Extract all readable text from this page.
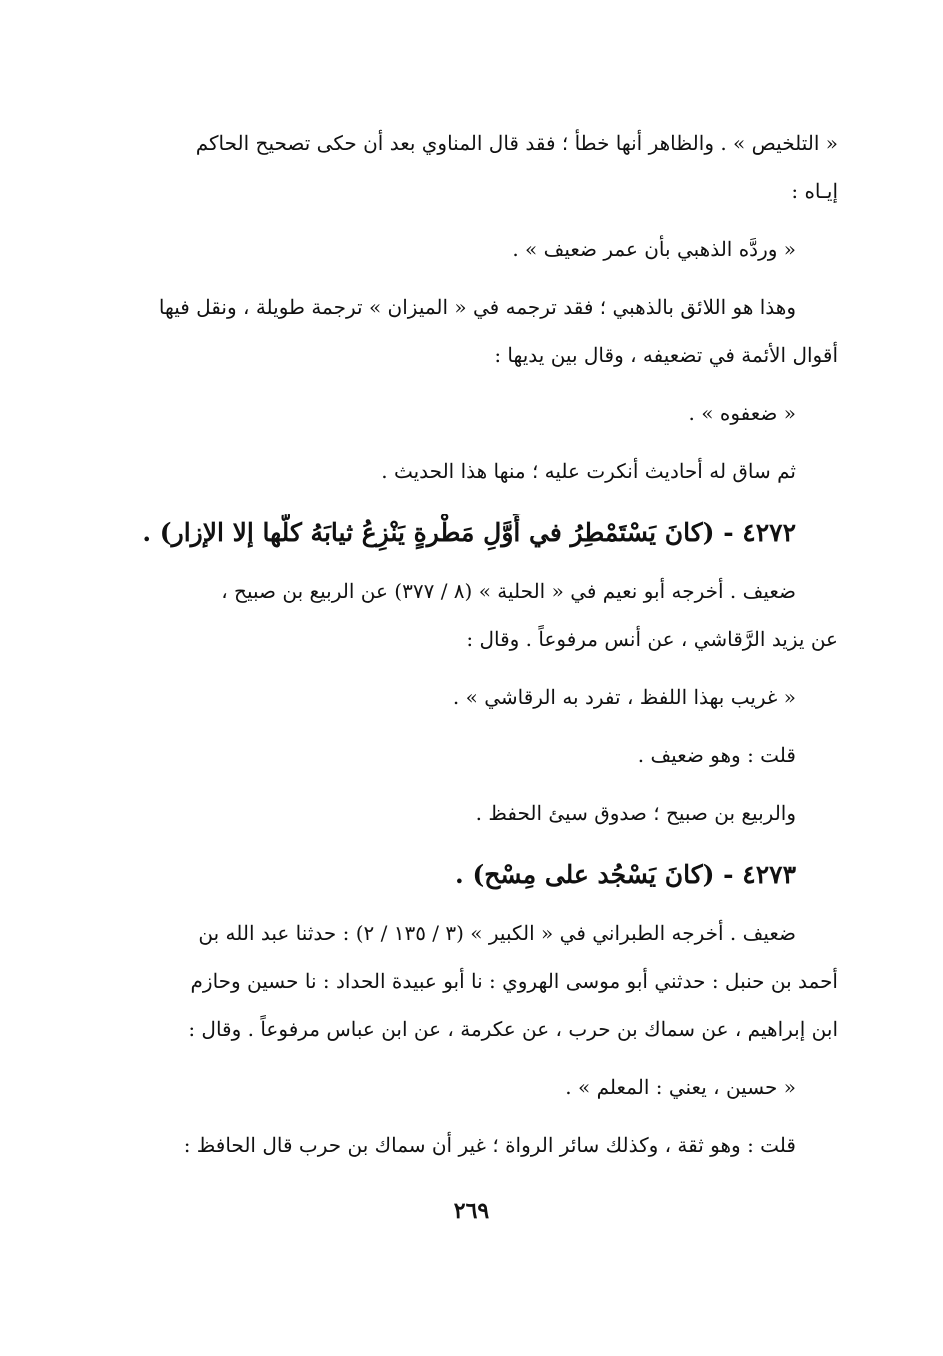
« التلخيص » . والظاهر أنها خطأ ؛ فقد قال المناوي بعد أن حكى تصحيح الحاكم
إيـاه :
« وردَّه الذهبي بأن عمر ضعيف » .
وهذا هو اللائق بالذهبي ؛ فقد ترجمه في « الميزان » ترجمة طويلة ، ونقل فيها
أقوال الأئمة في تضعيفه ، وقال بين يديها :
« ضعفوه » .
ثم ساق له أحاديث أنكرت عليه ؛ منها هذا الحديث .
٤٢٧٢ - (كانَ يَسْتَمْطِرُ في أَوَّلِ مَطْرةٍ يَنْزِعُ ثيابَهُ كلَّها إلا الإزار) .
ضعيف . أخرجه أبو نعيم في « الحلية » (٨ / ٣٧٧) عن الربيع بن صبيح ،
عن يزيد الرَّقاشي ، عن أنس مرفوعاً . وقال :
« غريب بهذا اللفظ ، تفرد به الرقاشي » .
قلت : وهو ضعيف .
والربيع بن صبيح ؛ صدوق سيئ الحفظ .
٤٢٧٣ - (كانَ يَسْجُد على مِسْح) .
ضعيف . أخرجه الطبراني في « الكبير » (٣ / ١٣٥ / ٢) : حدثنا عبد الله بن
أحمد بن حنبل : حدثني أبو موسى الهروي : نا أبو عبيدة الحداد : نا حسين وحازم
ابن إبراهيم ، عن سماك بن حرب ، عن عكرمة ، عن ابن عباس مرفوعاً . وقال :
« حسين ، يعني : المعلم » .
قلت : وهو ثقة ، وكذلك سائر الرواة ؛ غير أن سماك بن حرب قال الحافظ :
٢٦٩
